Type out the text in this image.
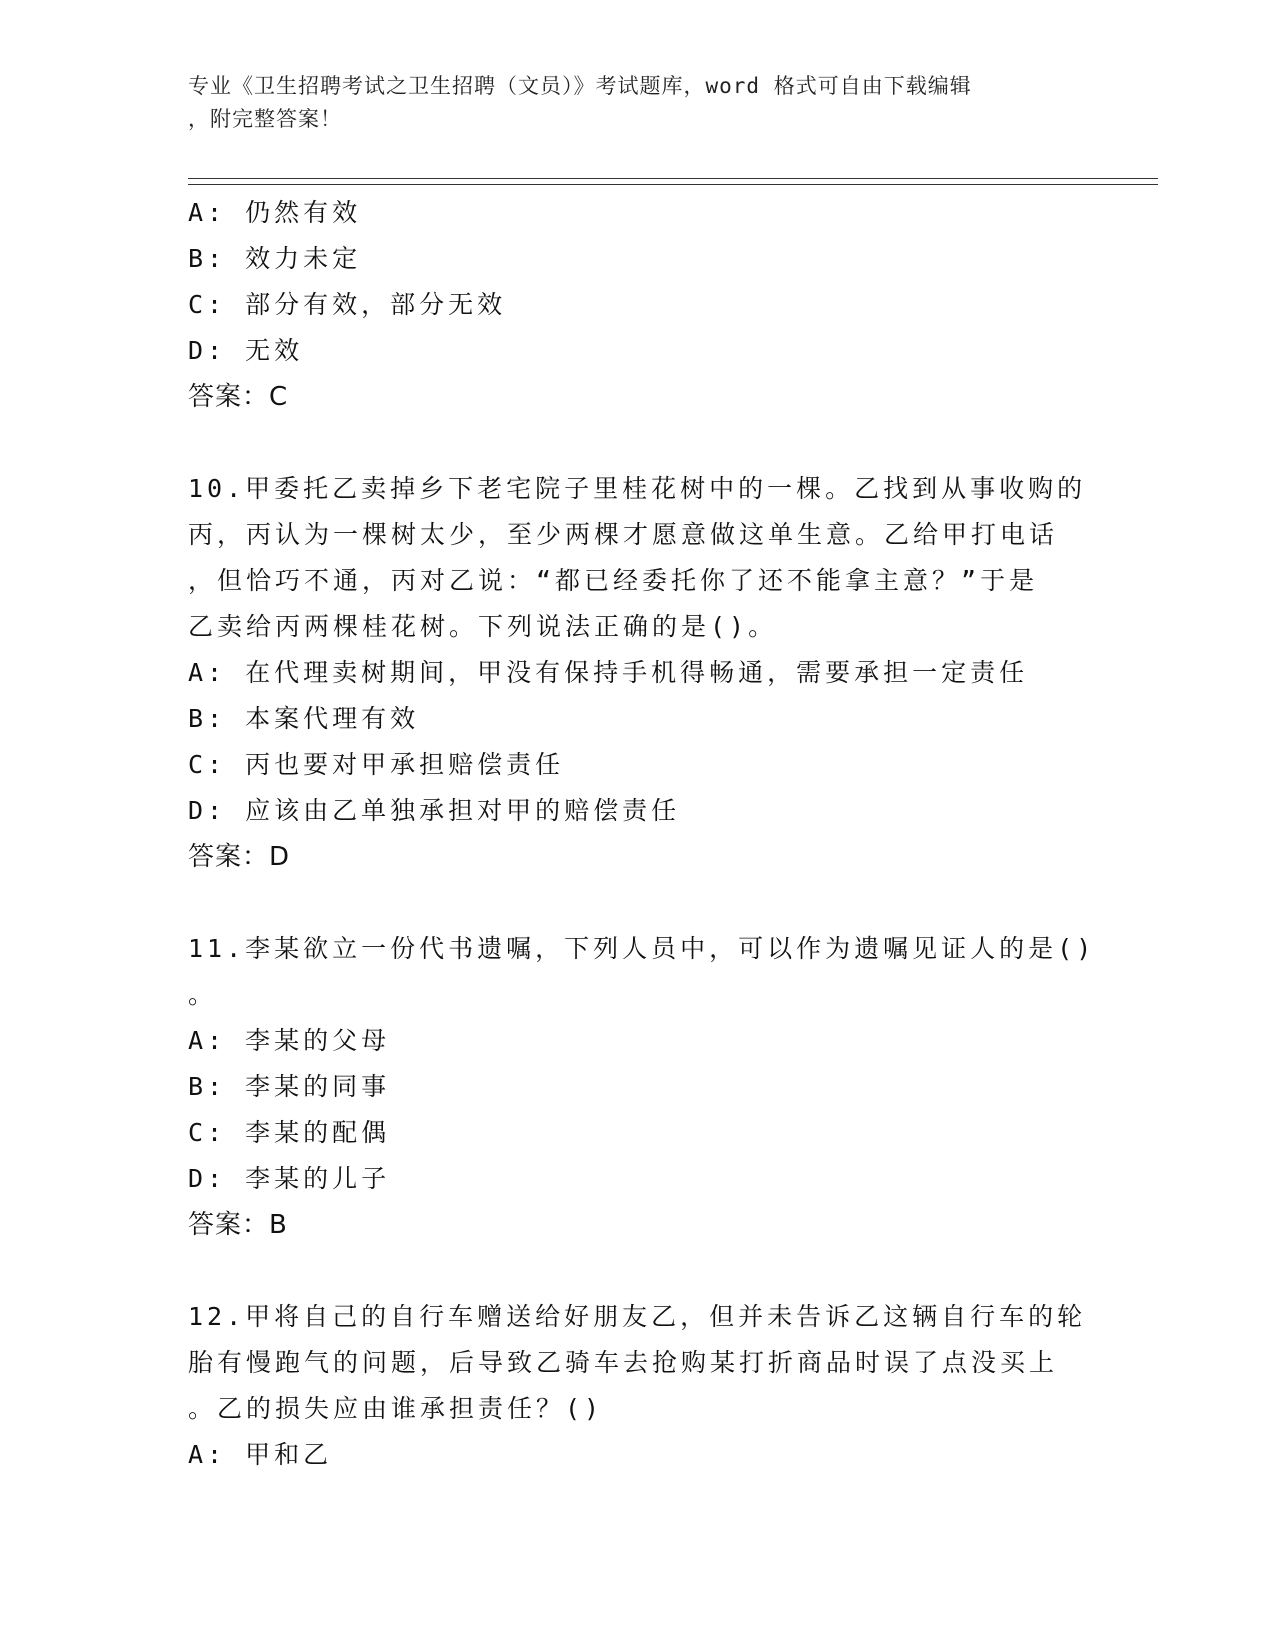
专业《卫生招聘考试之卫生招聘（文员）》考试题库，word 格式可自由下载编辑
，附完整答案！
A: 仍然有效
B: 效力未定
C: 部分有效，部分无效
D: 无效
答案：C
10.甲委托乙卖掉乡下老宅院子里桂花树中的一棵。乙找到从事收购的
丙，丙认为一棵树太少，至少两棵才愿意做这单生意。乙给甲打电话
，但恰巧不通，丙对乙说：“都已经委托你了还不能拿主意？”于是
乙卖给丙两棵桂花树。下列说法正确的是()。
A: 在代理卖树期间，甲没有保持手机得畅通，需要承担一定责任
B: 本案代理有效
C: 丙也要对甲承担赔偿责任
D: 应该由乙单独承担对甲的赔偿责任
答案：D
11.李某欲立一份代书遗嘱，下列人员中，可以作为遗嘱见证人的是()
。
A: 李某的父母
B: 李某的同事
C: 李某的配偶
D: 李某的儿子
答案：B
12.甲将自己的自行车赠送给好朋友乙，但并未告诉乙这辆自行车的轮
胎有慢跑气的问题，后导致乙骑车去抢购某打折商品时误了点没买上
。乙的损失应由谁承担责任？()
A: 甲和乙
